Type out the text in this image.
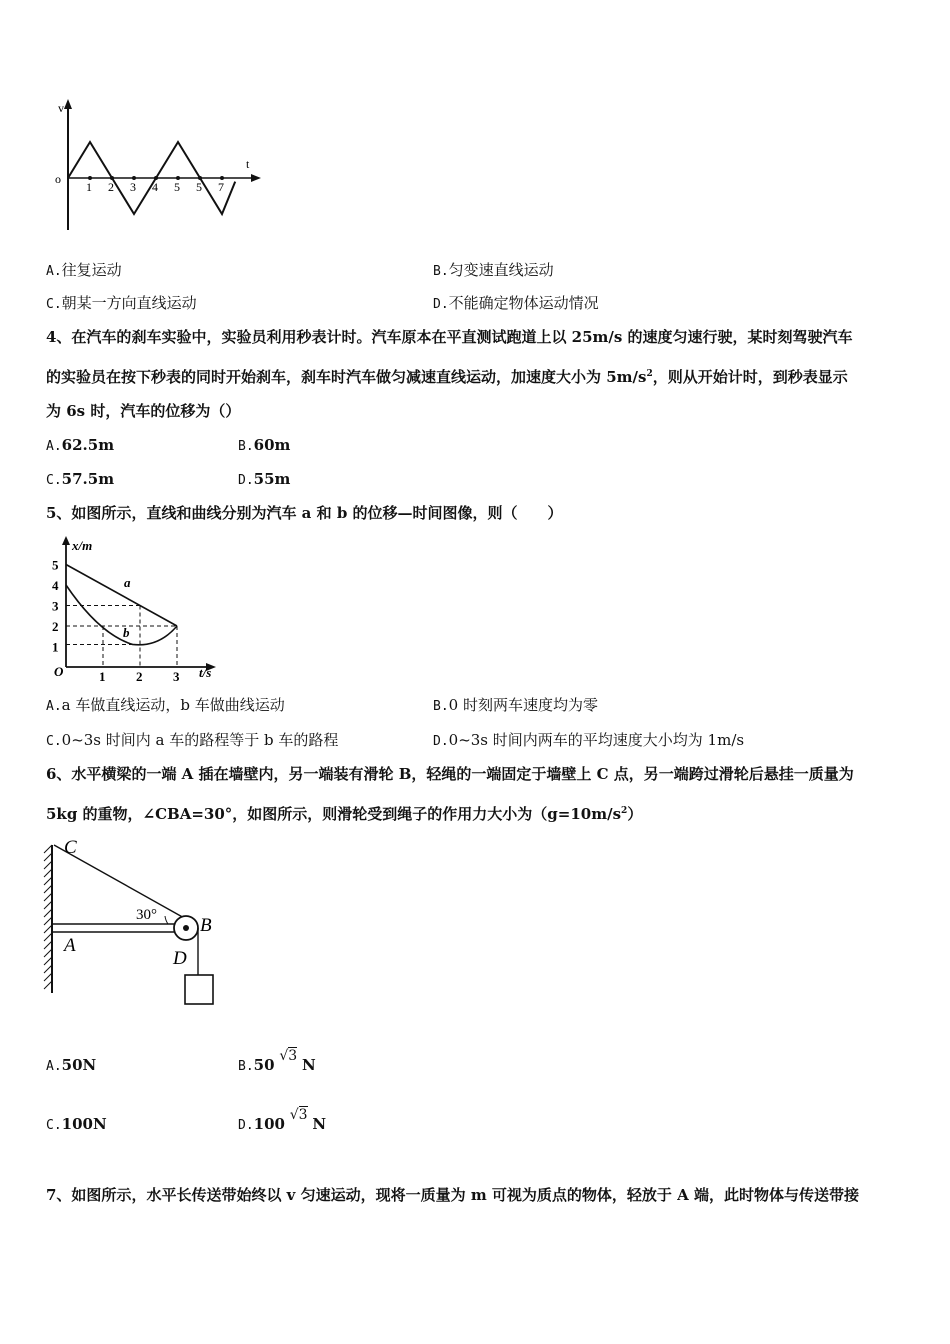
v
t
o
1 2 3 4 5 5 7
A.往复运动	B.匀变速直线运动
C.朝某一方向直线运动	D.不能确定物体运动情况
4、在汽车的刹车实验中，实验员利用秒表计时。汽车原本在平直测试跑道上以 25m/s 的速度匀速行驶，某时刻驾驶汽车
的实验员在按下秒表的同时开始刹车，刹车时汽车做匀减速直线运动，加速度大小为 $5m/s^2$，则从开始计时，到秒表显示
为 6s 时，汽车的位移为（）
A.62.5m	B.60m
C.57.5m	D.55m
5、如图所示，直线和曲线分别为汽车 a 和 b 的位移—时间图像，则（　　）
x/m
t/s
O
1
2
3
4
5
1 2 3
a
b
A.a 车做直线运动，b 车做曲线运动	B.0 时刻两车速度均为零
C.0~3s 时间内 a 车的路程等于 b 车的路程	D.0~3s 时间内两车的平均速度大小均为 1m/s
6、水平横梁的一端 A 插在墙壁内，另一端装有滑轮 B，轻绳的一端固定于墙壁上 C 点，另一端跨过滑轮后悬挂一质量为
5kg 的重物，∠CBA=30°，如图所示，则滑轮受到绳子的作用力大小为$(g=10m/s^2)$
C
30° B
A
D
A.50N	B.50 √3 N
C.100N	D.100 √3 N
7、如图所示，水平长传送带始终以 v 匀速运动，现将一质量为 m 可视为质点的物体，轻放于 A 端，此时物体与传送带接
